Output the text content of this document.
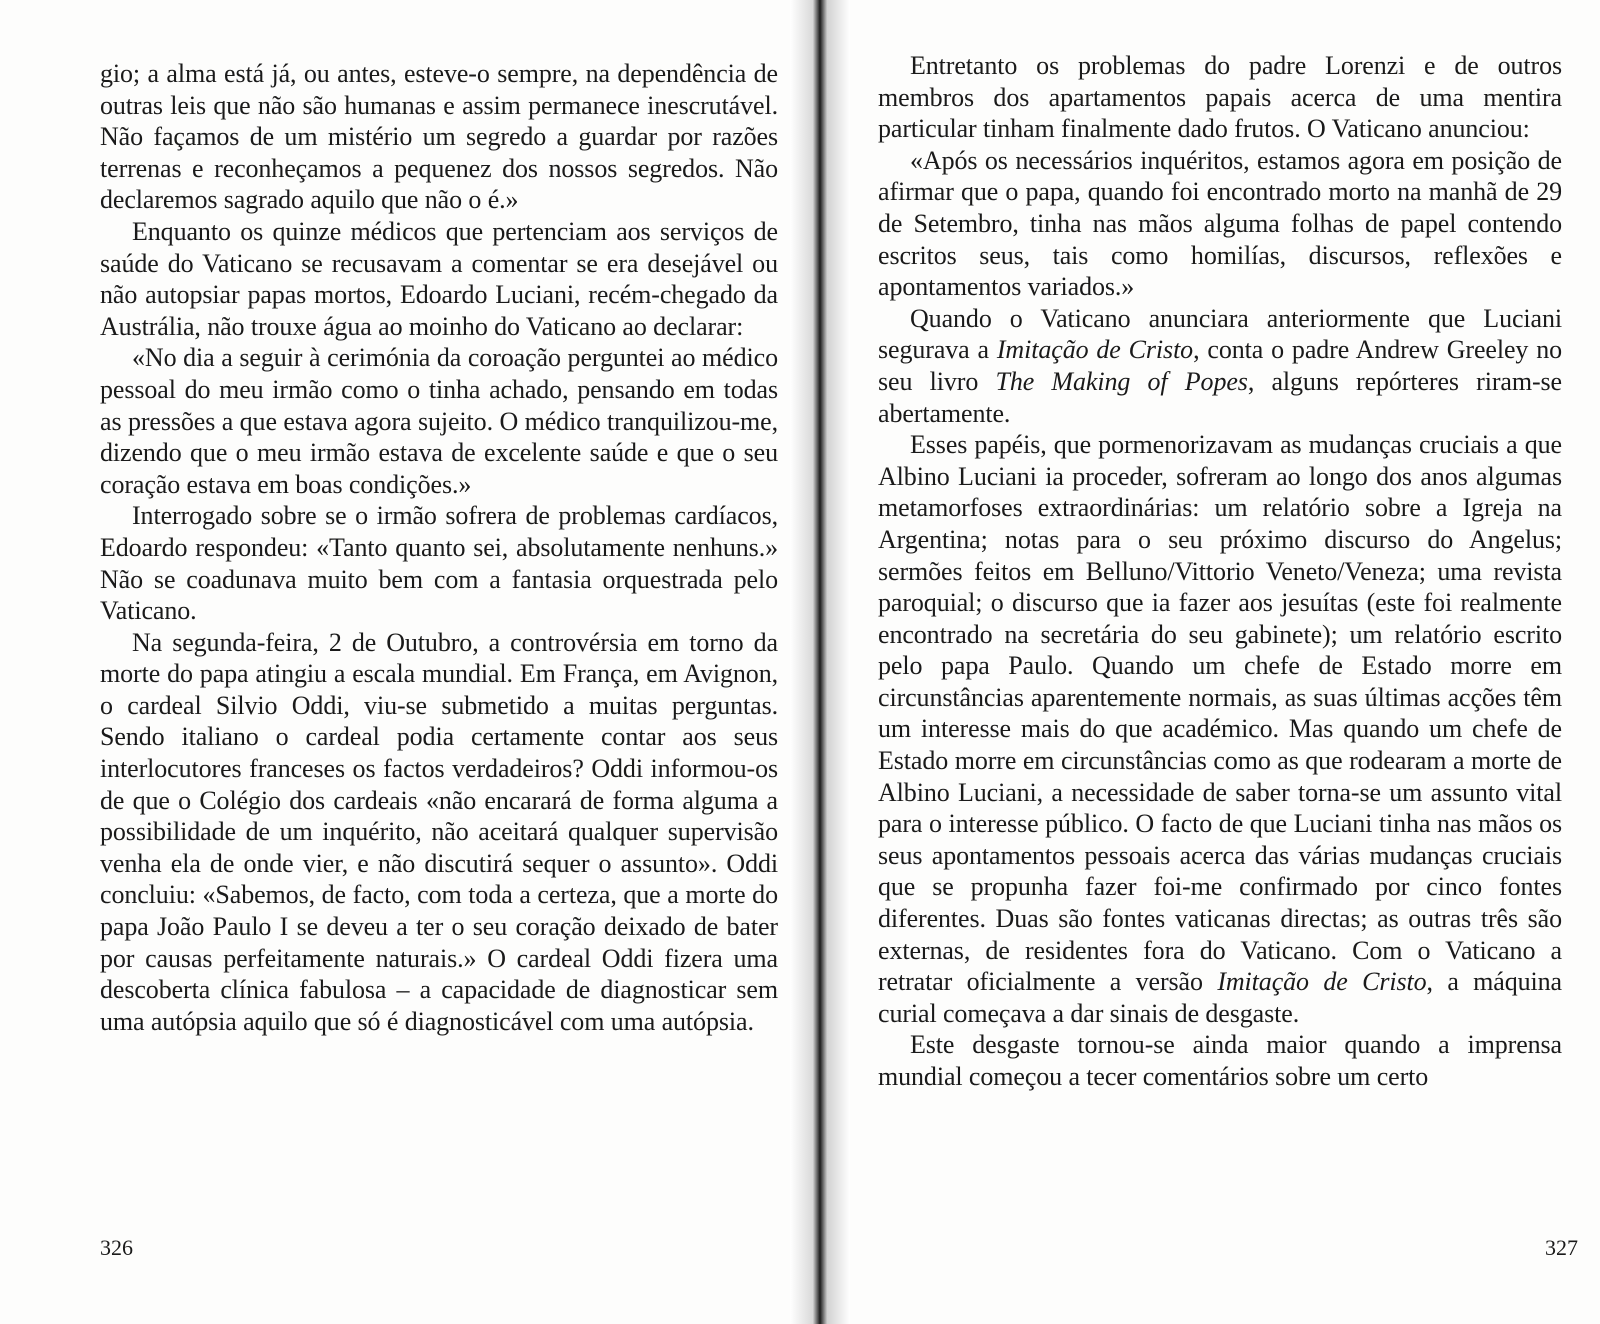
gio; a alma está já, ou antes, esteve-o sempre, na dependência de outras leis que não são humanas e assim permanece inescrutável. Não façamos de um mistério um segredo a guardar por razões terrenas e reconheçamos a pequenez dos nossos segredos. Não declaremos sagrado aquilo que não o é.»

Enquanto os quinze médicos que pertenciam aos serviços de saúde do Vaticano se recusavam a comentar se era desejável ou não autopsiar papas mortos, Edoardo Luciani, recém-chegado da Austrália, não trouxe água ao moinho do Vaticano ao declarar:

«No dia a seguir à cerimónia da coroação perguntei ao médico pessoal do meu irmão como o tinha achado, pensando em todas as pressões a que estava agora sujeito. O médico tranquilizou-me, dizendo que o meu irmão estava de excelente saúde e que o seu coração estava em boas condições.»

Interrogado sobre se o irmão sofrera de problemas cardíacos, Edoardo respondeu: «Tanto quanto sei, absolutamente nenhuns.» Não se coadunava muito bem com a fantasia orquestrada pelo Vaticano.

Na segunda-feira, 2 de Outubro, a controvérsia em torno da morte do papa atingiu a escala mundial. Em França, em Avignon, o cardeal Silvio Oddi, viu-se submetido a muitas perguntas. Sendo italiano o cardeal podia certamente contar aos seus interlocutores franceses os factos verdadeiros? Oddi informou-os de que o Colégio dos cardeais «não encarará de forma alguma a possibilidade de um inquérito, não aceitará qualquer supervisão venha ela de onde vier, e não discutirá sequer o assunto». Oddi concluiu: «Sabemos, de facto, com toda a certeza, que a morte do papa João Paulo I se deveu a ter o seu coração deixado de bater por causas perfeitamente naturais.» O cardeal Oddi fizera uma descoberta clínica fabulosa – a capacidade de diagnosticar sem uma autópsia aquilo que só é diagnosticável com uma autópsia.

326

Entretanto os problemas do padre Lorenzi e de outros membros dos apartamentos papais acerca de uma mentira particular tinham finalmente dado frutos. O Vaticano anunciou:

«Após os necessários inquéritos, estamos agora em posição de afirmar que o papa, quando foi encontrado morto na manhã de 29 de Setembro, tinha nas mãos alguma folhas de papel contendo escritos seus, tais como homilías, discursos, reflexões e apontamentos variados.»

Quando o Vaticano anunciara anteriormente que Luciani segurava a Imitação de Cristo, conta o padre Andrew Greeley no seu livro The Making of Popes, alguns repórteres riram-se abertamente.

Esses papéis, que pormenorizavam as mudanças cruciais a que Albino Luciani ia proceder, sofreram ao longo dos anos algumas metamorfoses extraordinárias: um relatório sobre a Igreja na Argentina; notas para o seu próximo discurso do Angelus; sermões feitos em Belluno/Vittorio Veneto/Veneza; uma revista paroquial; o discurso que ia fazer aos jesuítas (este foi realmente encontrado na secretária do seu gabinete); um relatório escrito pelo papa Paulo. Quando um chefe de Estado morre em circunstâncias aparentemente normais, as suas últimas acções têm um interesse mais do que académico. Mas quando um chefe de Estado morre em circunstâncias como as que rodearam a morte de Albino Luciani, a necessidade de saber torna-se um assunto vital para o interesse público. O facto de que Luciani tinha nas mãos os seus apontamentos pessoais acerca das várias mudanças cruciais que se propunha fazer foi-me confirmado por cinco fontes diferentes. Duas são fontes vaticanas directas; as outras três são externas, de residentes fora do Vaticano. Com o Vaticano a retratar oficialmente a versão Imitação de Cristo, a máquina curial começava a dar sinais de desgaste.

Este desgaste tornou-se ainda maior quando a imprensa mundial começou a tecer comentários sobre um certo

327
